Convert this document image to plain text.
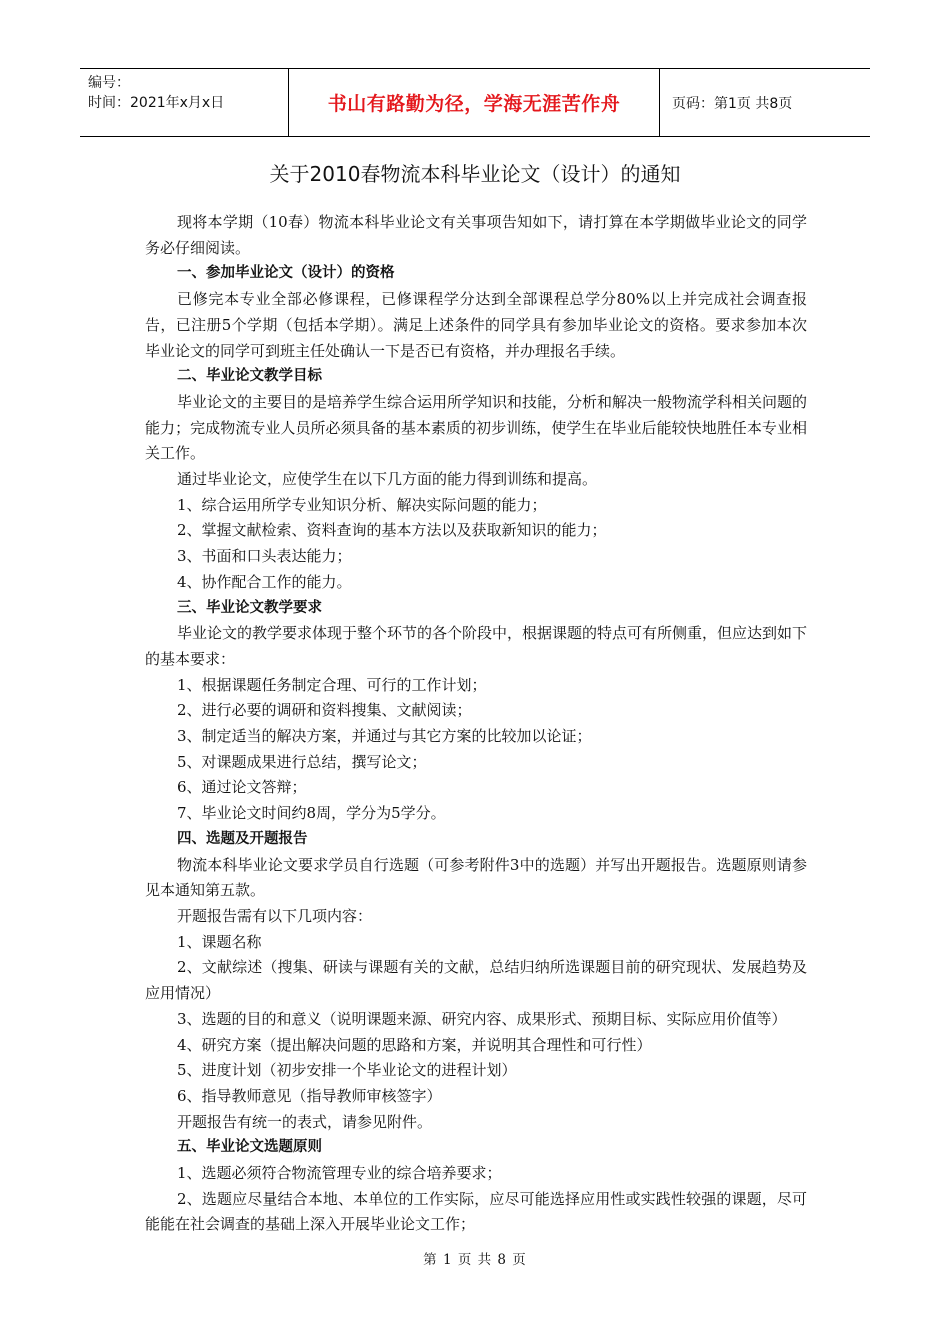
编号：
时间：2021年x月x日	书山有路勤为径，学海无涯苦作舟	页码：第1页 共8页
关于2010春物流本科毕业论文（设计）的通知

现将本学期（10春）物流本科毕业论文有关事项告知如下，请打算在本学期做毕业论文的同学务必仔细阅读。

一、参加毕业论文（设计）的资格

已修完本专业全部必修课程，已修课程学分达到全部课程总学分80%以上并完成社会调查报告，已注册5个学期（包括本学期）。满足上述条件的同学具有参加毕业论文的资格。要求参加本次毕业论文的同学可到班主任处确认一下是否已有资格，并办理报名手续。

二、毕业论文教学目标

毕业论文的主要目的是培养学生综合运用所学知识和技能，分析和解决一般物流学科相关问题的能力；完成物流专业人员所必须具备的基本素质的初步训练，使学生在毕业后能较快地胜任本专业相关工作。

通过毕业论文，应使学生在以下几方面的能力得到训练和提高。

1、综合运用所学专业知识分析、解决实际问题的能力；

2、掌握文献检索、资料查询的基本方法以及获取新知识的能力；

3、书面和口头表达能力；

4、协作配合工作的能力。

三、毕业论文教学要求

毕业论文的教学要求体现于整个环节的各个阶段中，根据课题的特点可有所侧重，但应达到如下的基本要求：

1、根据课题任务制定合理、可行的工作计划；

2、进行必要的调研和资料搜集、文献阅读；

3、制定适当的解决方案，并通过与其它方案的比较加以论证；

5、对课题成果进行总结，撰写论文；

6、通过论文答辩；

7、毕业论文时间约8周，学分为5学分。

四、选题及开题报告

物流本科毕业论文要求学员自行选题（可参考附件3中的选题）并写出开题报告。选题原则请参见本通知第五款。

开题报告需有以下几项内容：

1、课题名称

2、文献综述（搜集、研读与课题有关的文献，总结归纳所选课题目前的研究现状、发展趋势及应用情况）

3、选题的目的和意义（说明课题来源、研究内容、成果形式、预期目标、实际应用价值等）

4、研究方案（提出解决问题的思路和方案，并说明其合理性和可行性）

5、进度计划（初步安排一个毕业论文的进程计划）

6、指导教师意见（指导教师审核签字）

开题报告有统一的表式，请参见附件。

五、毕业论文选题原则

1、选题必须符合物流管理专业的综合培养要求；

2、选题应尽量结合本地、本单位的工作实际，应尽可能选择应用性或实践性较强的课题，尽可能能在社会调查的基础上深入开展毕业论文工作；

第 1 页 共 8 页
